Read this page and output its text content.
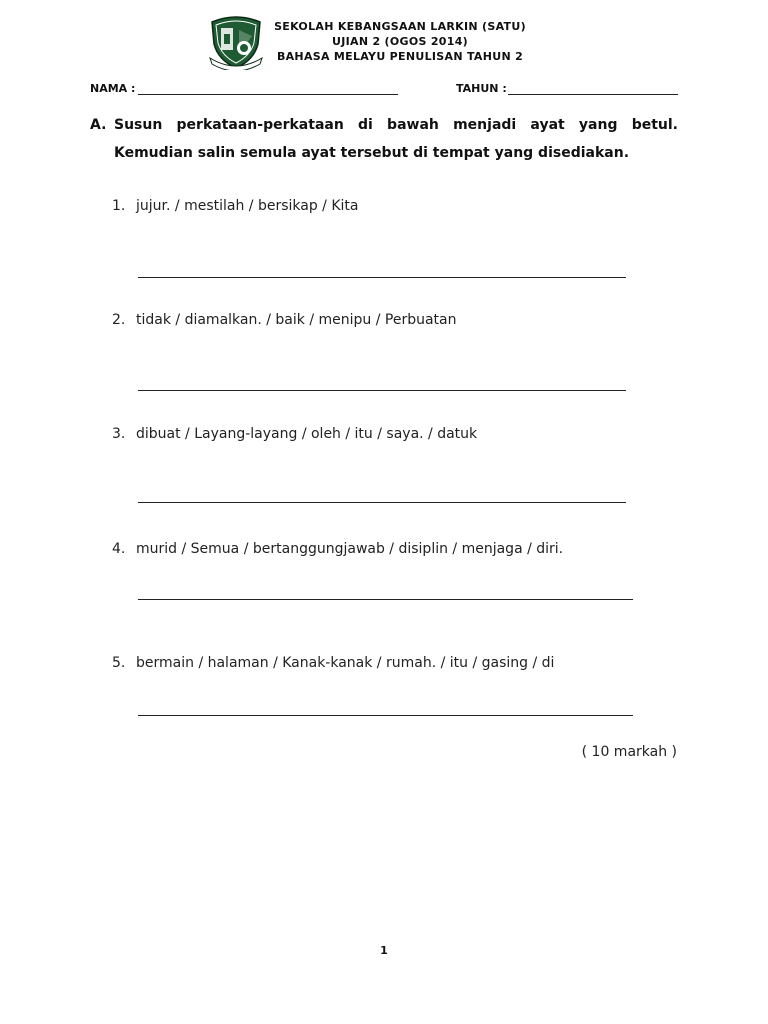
SEKOLAH KEBANGSAAN LARKIN (SATU)
UJIAN 2 (OGOS 2014)
BAHASA MELAYU PENULISAN TAHUN 2
NAMA :	TAHUN :
A. Susun perkataan-perkataan di bawah menjadi ayat yang betul. Kemudian salin semula ayat tersebut di tempat yang disediakan.
1. jujur. / mestilah / bersikap / Kita
2. tidak / diamalkan. / baik / menipu / Perbuatan
3. dibuat / Layang-layang / oleh / itu / saya. / datuk
4. murid / Semua / bertanggungjawab / disiplin / menjaga / diri.
5. bermain / halaman / Kanak-kanak / rumah. / itu / gasing / di
( 10 markah )
1
